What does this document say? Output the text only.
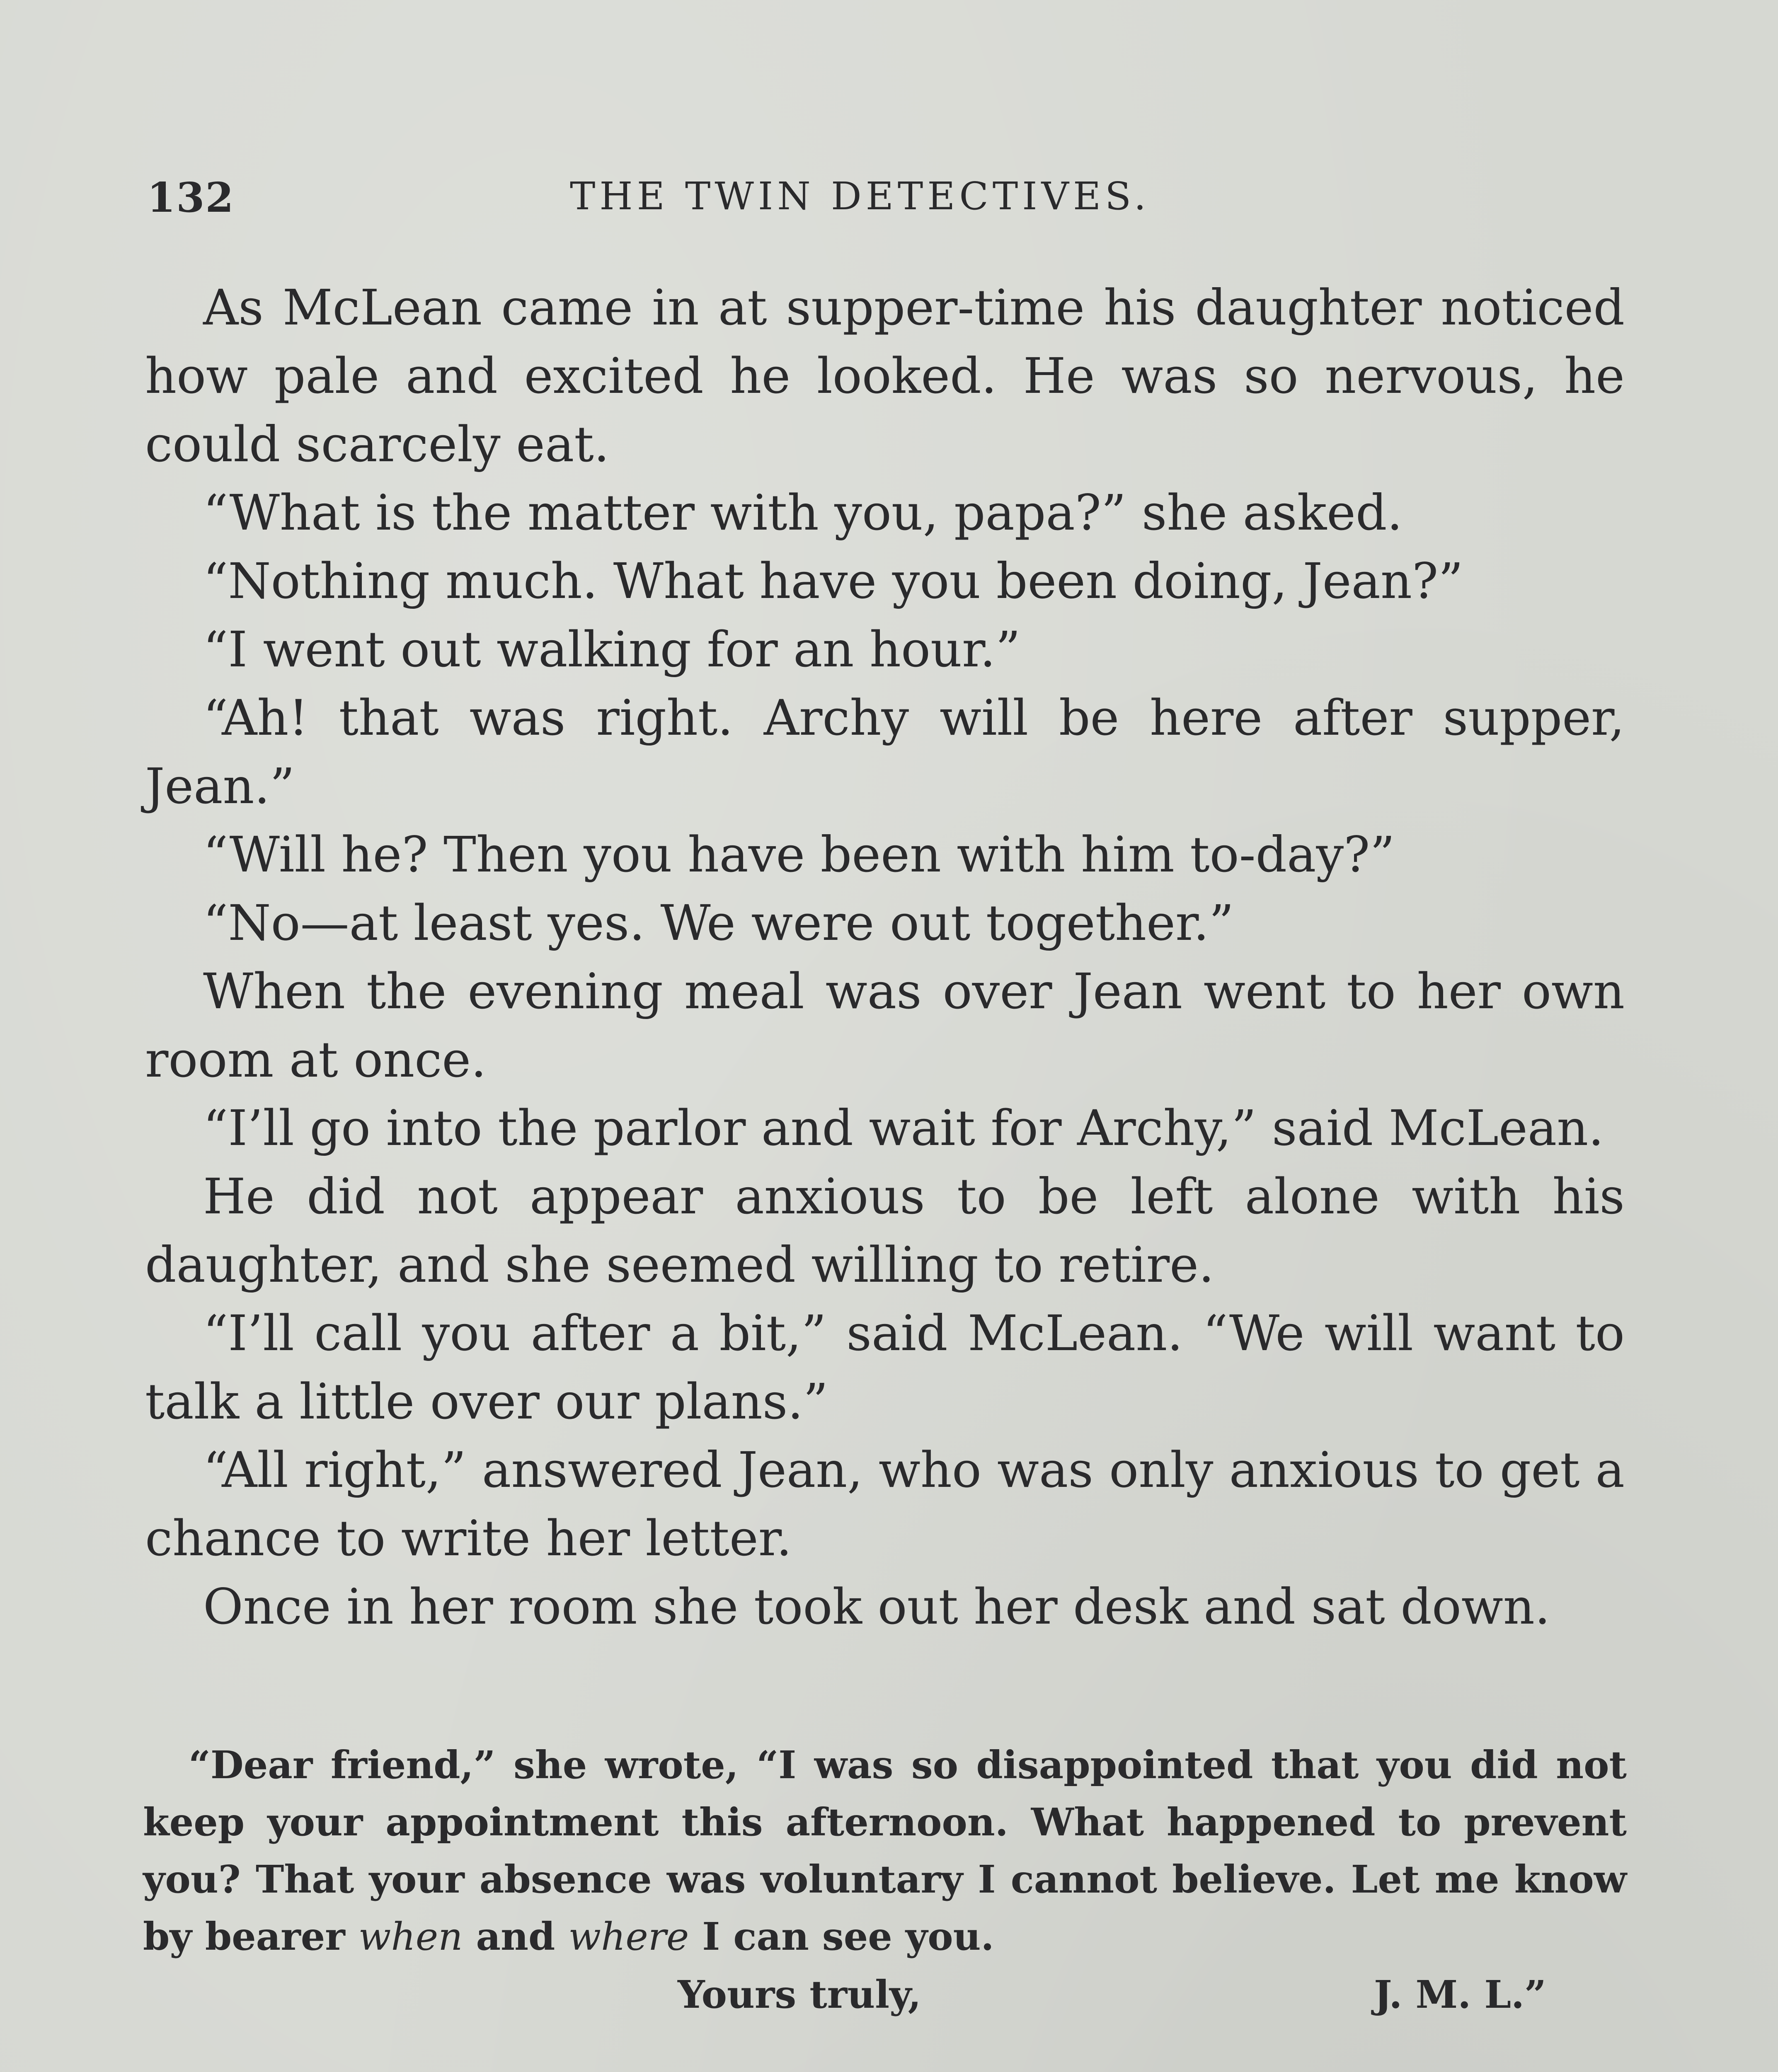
132	THE TWIN DETECTIVES.

As McLean came in at supper-time his daughter noticed how pale and excited he looked. He was so nervous, he could scarcely eat.

“What is the matter with you, papa?” she asked.

“Nothing much. What have you been doing, Jean?”

“I went out walking for an hour.”

“Ah! that was right. Archy will be here after supper, Jean.”

“Will he? Then you have been with him to-day?”

“No—at least yes. We were out together.”

When the evening meal was over Jean went to her own room at once.

“I’ll go into the parlor and wait for Archy,” said McLean.

He did not appear anxious to be left alone with his daughter, and she seemed willing to retire.

“I’ll call you after a bit,” said McLean. “We will want to talk a little over our plans.”

“All right,” answered Jean, who was only anxious to get a chance to write her letter.

Once in her room she took out her desk and sat down.

“Dear friend,” she wrote, “I was so disappointed that you did not keep your appointment this afternoon. What happened to prevent you? That your absence was voluntary I cannot believe. Let me know by bearer when and where I can see you.

Yours truly,	J. M. L.”
